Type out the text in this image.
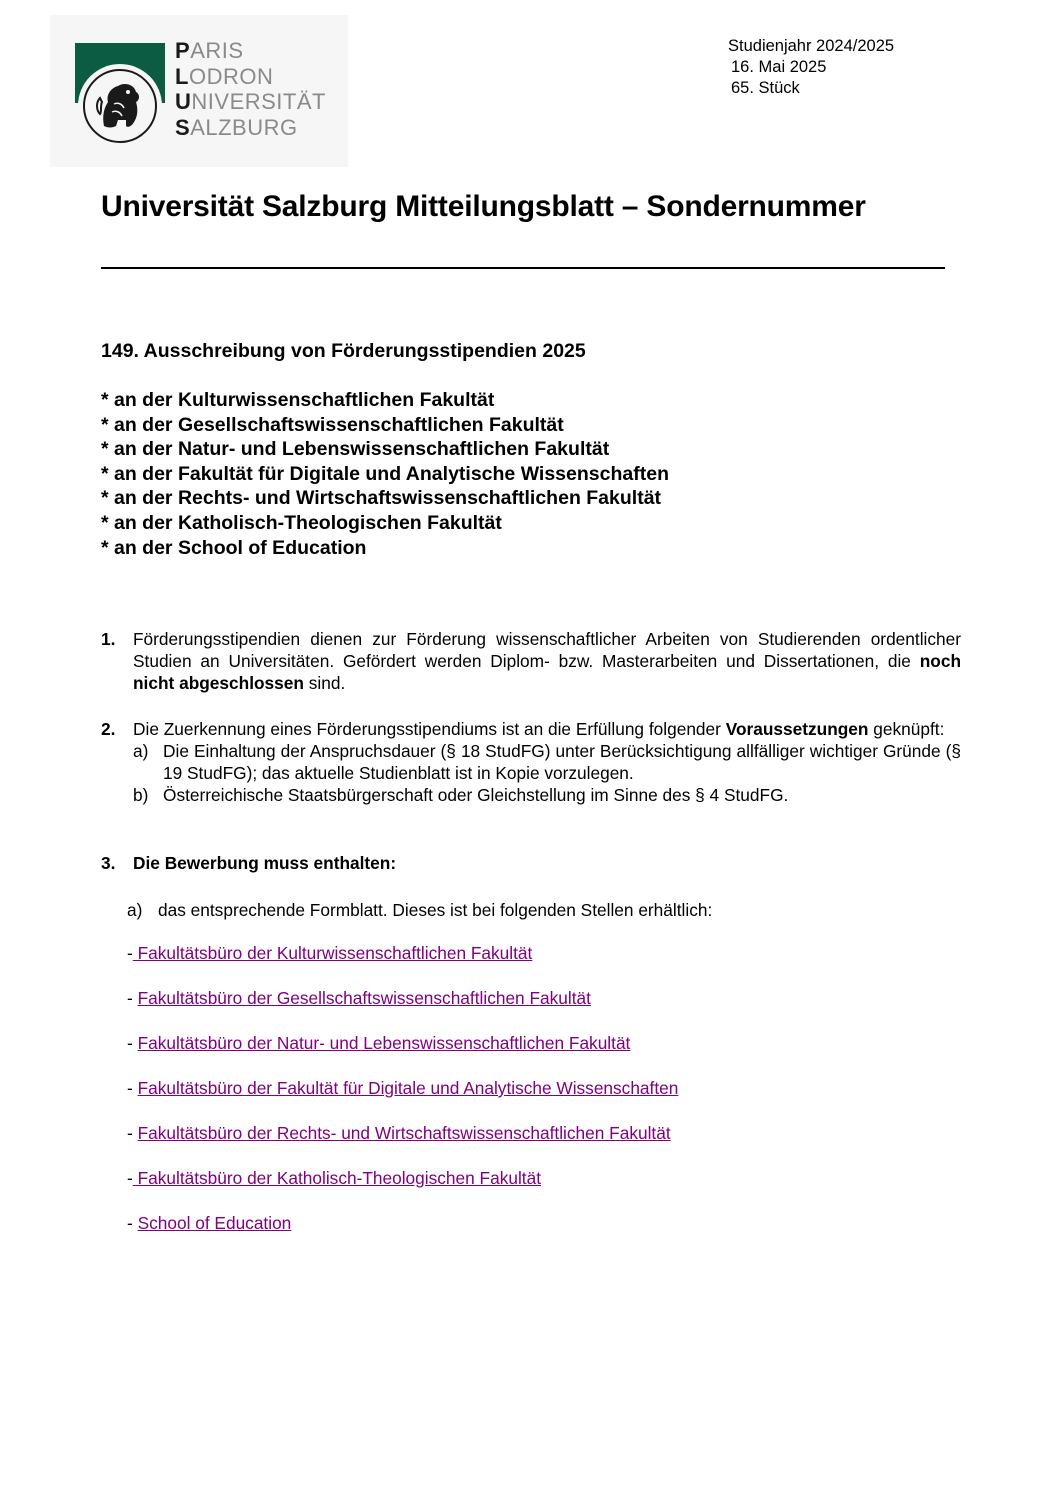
PARIS
LODRON
UNIVERSITÄT
SALZBURG
Studienjahr 2024/2025
16. Mai 2025
65. Stück
Universität Salzburg Mitteilungsblatt – Sondernummer
149. Ausschreibung von Förderungsstipendien 2025
* an der Kulturwissenschaftlichen Fakultät
* an der Gesellschaftswissenschaftlichen Fakultät
* an der Natur- und Lebenswissenschaftlichen Fakultät
* an der Fakultät für Digitale und Analytische Wissenschaften
* an der Rechts- und Wirtschaftswissenschaftlichen Fakultät
* an der Katholisch-Theologischen Fakultät
* an der School of Education
1. Förderungsstipendien dienen zur Förderung wissenschaftlicher Arbeiten von Studierenden ordentlicher Studien an Universitäten. Gefördert werden Diplom- bzw. Masterarbeiten und Dissertationen, die noch nicht abgeschlossen sind.
2. Die Zuerkennung eines Förderungsstipendiums ist an die Erfüllung folgender Voraussetzungen geknüpft:
a) Die Einhaltung der Anspruchsdauer (§ 18 StudFG) unter Berücksichtigung allfälliger wichtiger Gründe (§ 19 StudFG); das aktuelle Studienblatt ist in Kopie vorzulegen.
b) Österreichische Staatsbürgerschaft oder Gleichstellung im Sinne des § 4 StudFG.
3. Die Bewerbung muss enthalten:
a) das entsprechende Formblatt. Dieses ist bei folgenden Stellen erhältlich:
- Fakultätsbüro der Kulturwissenschaftlichen Fakultät
- Fakultätsbüro der Gesellschaftswissenschaftlichen Fakultät
- Fakultätsbüro der Natur- und Lebenswissenschaftlichen Fakultät
- Fakultätsbüro der Fakultät für Digitale und Analytische Wissenschaften
- Fakultätsbüro der Rechts- und Wirtschaftswissenschaftlichen Fakultät
- Fakultätsbüro der Katholisch-Theologischen Fakultät
- School of Education
